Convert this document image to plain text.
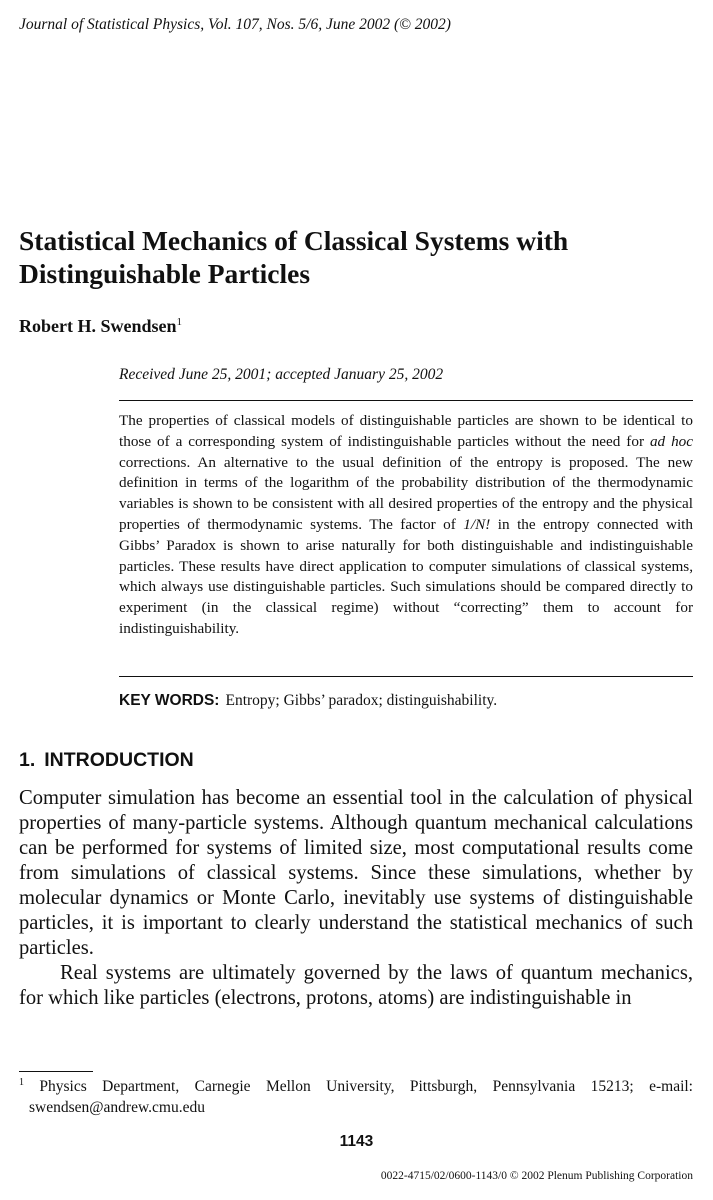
Journal of Statistical Physics, Vol. 107, Nos. 5/6, June 2002 (© 2002)
Statistical Mechanics of Classical Systems with
Distinguishable Particles
Robert H. Swendsen$^1$
Received June 25, 2001; accepted January 25, 2002

The properties of classical models of distinguishable particles are shown to be identical to those of a corresponding system of indistinguishable particles without the need for ad hoc corrections. An alternative to the usual definition of the entropy is proposed. The new definition in terms of the logarithm of the probability distribution of the thermodynamic variables is shown to be consistent with all desired properties of the entropy and the physical properties of thermodynamic systems. The factor of 1/N! in the entropy connected with Gibbs’ Paradox is shown to arise naturally for both distinguishable and indistinguishable particles. These results have direct application to computer simulations of classical systems, which always use distinguishable particles. Such simulations should be compared directly to experiment (in the classical regime) without “correcting” them to account for indistinguishability.

KEY WORDS: Entropy; Gibbs’ paradox; distinguishability.
1. INTRODUCTION

Computer simulation has become an essential tool in the calculation of physical properties of many-particle systems. Although quantum mechanical calculations can be performed for systems of limited size, most computational results come from simulations of classical systems. Since these simulations, whether by molecular dynamics or Monte Carlo, inevitably use systems of distinguishable particles, it is important to clearly understand the statistical mechanics of such particles.

Real systems are ultimately governed by the laws of quantum mechanics, for which like particles (electrons, protons, atoms) are indistinguishable in

$^1$ Physics Department, Carnegie Mellon University, Pittsburgh, Pennsylvania 15213; e-mail: swendsen@andrew.cmu.edu

1143
0022-4715/02/0600-1143/0 © 2002 Plenum Publishing Corporation
